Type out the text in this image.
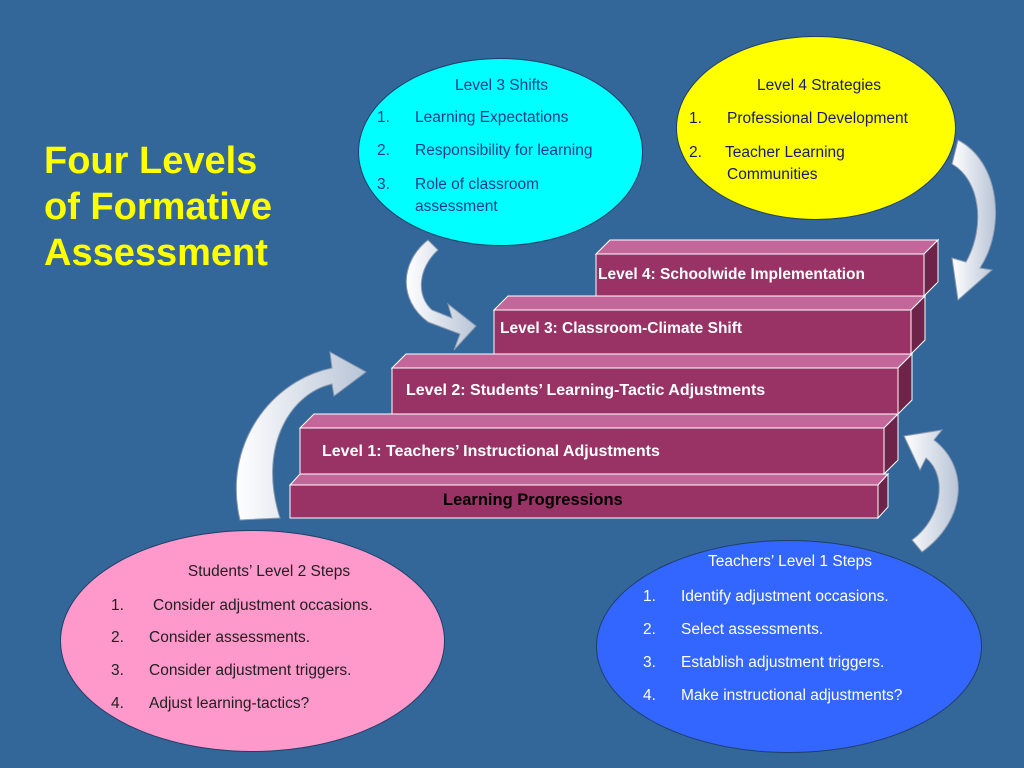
Four Levels
of Formative
Assessment
Level 4: Schoolwide Implementation
Level 3: Classroom-Climate Shift
Level 2: Students’ Learning-Tactic Adjustments
Level 1: Teachers’ Instructional Adjustments
Learning Progressions
Level 3 Shifts
1. Learning Expectations
2. Responsibility for learning
3. Role of classroom
assessment
Level 4 Strategies
1. Professional Development
2. Teacher Learning
Communities
Students’ Level 2 Steps
1. Consider adjustment occasions.
2. Consider assessments.
3. Consider adjustment triggers.
4. Adjust learning-tactics?
Teachers’ Level 1 Steps
1. Identify adjustment occasions.
2. Select assessments.
3. Establish adjustment triggers.
4. Make instructional adjustments?
